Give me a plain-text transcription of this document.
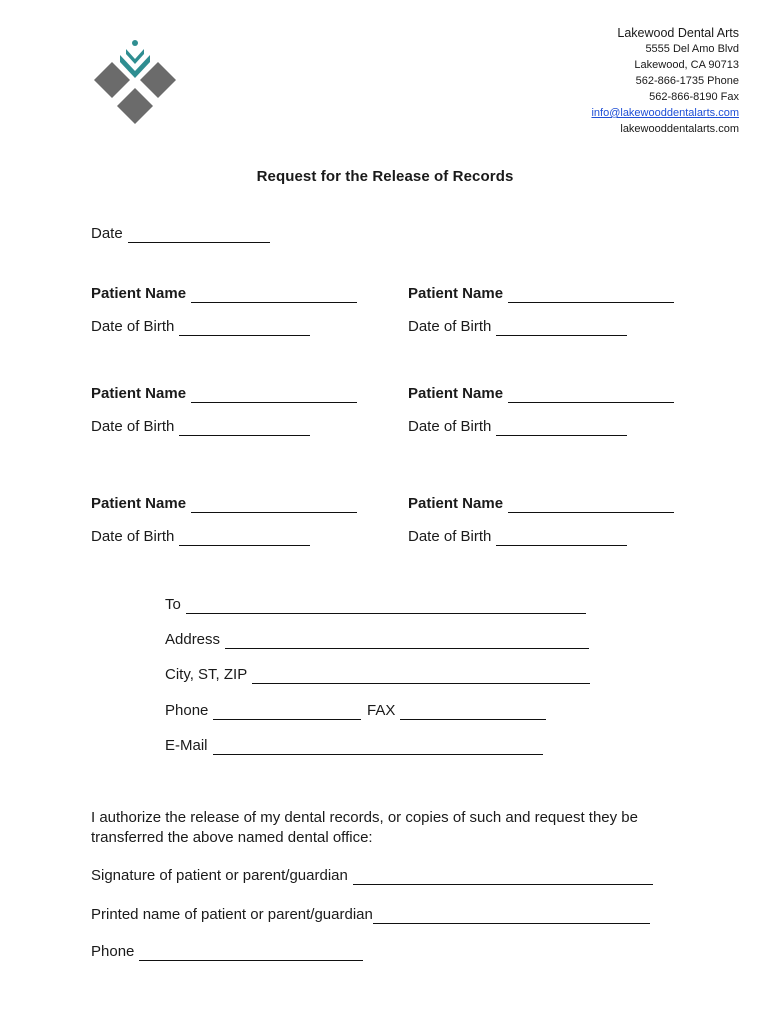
Lakewood Dental Arts
5555 Del Amo Blvd
Lakewood, CA 90713
562-866-1735 Phone
562-866-8190 Fax
info@lakewooddentalarts.com
lakewooddentalarts.com
Request for the Release of Records
Date
Patient Name	Patient Name
Date of Birth	Date of Birth
Patient Name	Patient Name
Date of Birth	Date of Birth
Patient Name	Patient Name
Date of Birth	Date of Birth
To
Address
City, ST, ZIP
Phone	FAX
E-Mail
I authorize the release of my dental records, or copies of such and request they be transferred the above named dental office:
Signature of patient or parent/guardian
Printed name of patient or parent/guardian
Phone
